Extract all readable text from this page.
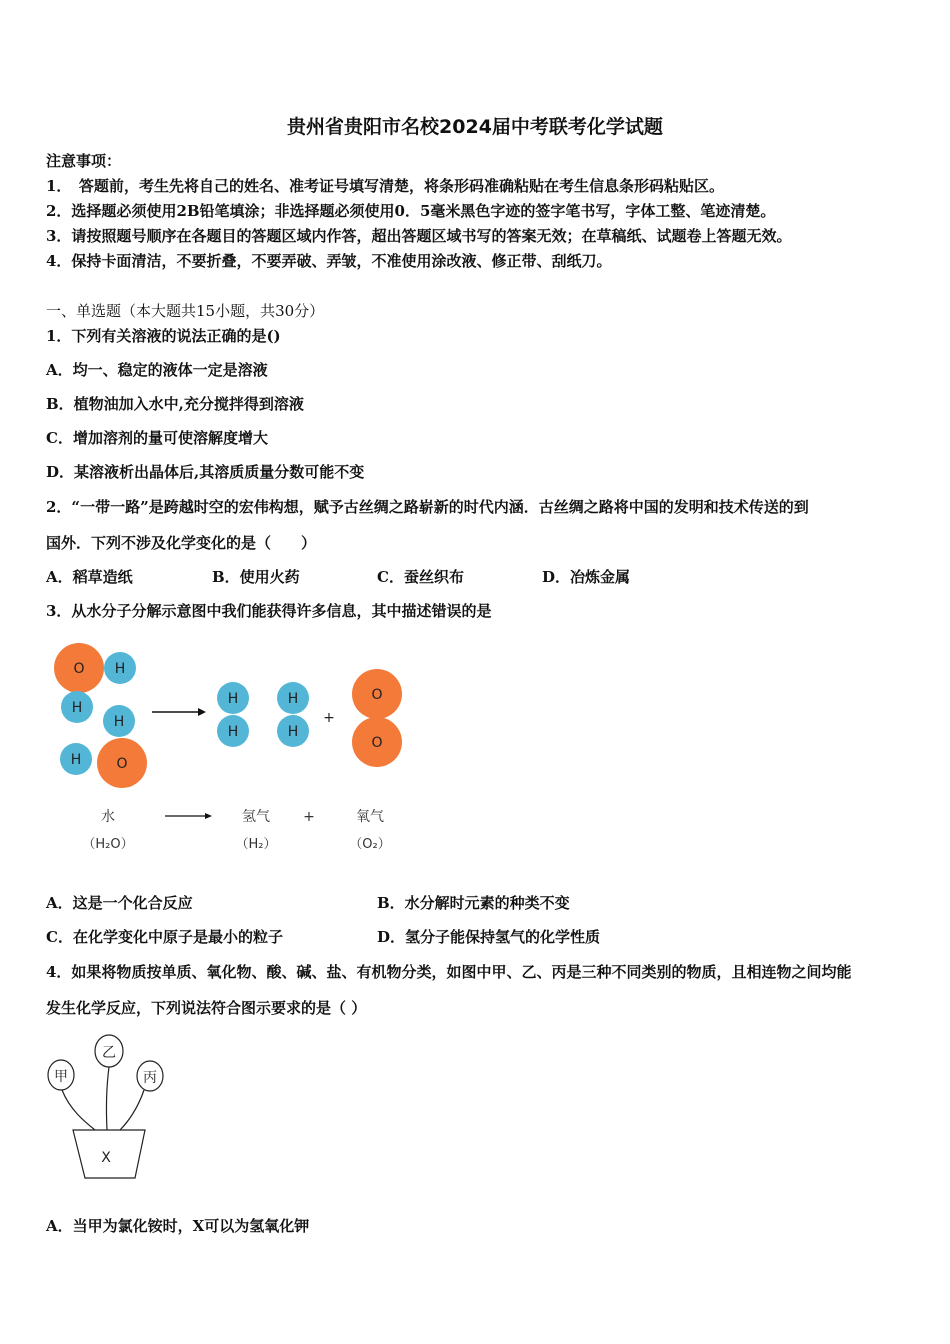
贵州省贵阳市名校2024届中考联考化学试题
注意事项：
1．　答题前，考生先将自己的姓名、准考证号填写清楚，将条形码准确粘贴在考生信息条形码粘贴区。
2．选择题必须使用2B铅笔填涂；非选择题必须使用0．5毫米黑色字迹的签字笔书写，字体工整、笔迹清楚。
3．请按照题号顺序在各题目的答题区域内作答，超出答题区域书写的答案无效；在草稿纸、试题卷上答题无效。
4．保持卡面清洁，不要折叠，不要弄破、弄皱，不准使用涂改液、修正带、刮纸刀。
一、单选题（本大题共15小题，共30分）
1．下列有关溶液的说法正确的是()
A．均一、稳定的液体一定是溶液
B．植物油加入水中,充分搅拌得到溶液
C．增加溶剂的量可使溶解度增大
D．某溶液析出晶体后,其溶质质量分数可能不变
2．“一带一路”是跨越时空的宏伟构想，赋予古丝绸之路崭新的时代内涵．古丝绸之路将中国的发明和技术传送的到
国外．下列不涉及化学变化的是（　　）
A．稻草造纸	B．使用火药	C．蚕丝织布	D．冶炼金属
3．从水分子分解示意图中我们能获得许多信息，其中描述错误的是
O H
H
H
H	O
H
H
H
H
+
O
O
水
（H₂O）
氢气
（H₂）
+	氧气
（O₂）
A．这是一个化合反应	B．水分解时元素的种类不变
C．在化学变化中原子是最小的粒子	D．氢分子能保持氢气的化学性质
4．如果将物质按单质、氧化物、酸、碱、盐、有机物分类，如图中甲、乙、丙是三种不同类别的物质，且相连物之间均能
发生化学反应，下列说法符合图示要求的是（ ）
乙
甲	丙
X
A．当甲为氯化铵时，X可以为氢氧化钾
